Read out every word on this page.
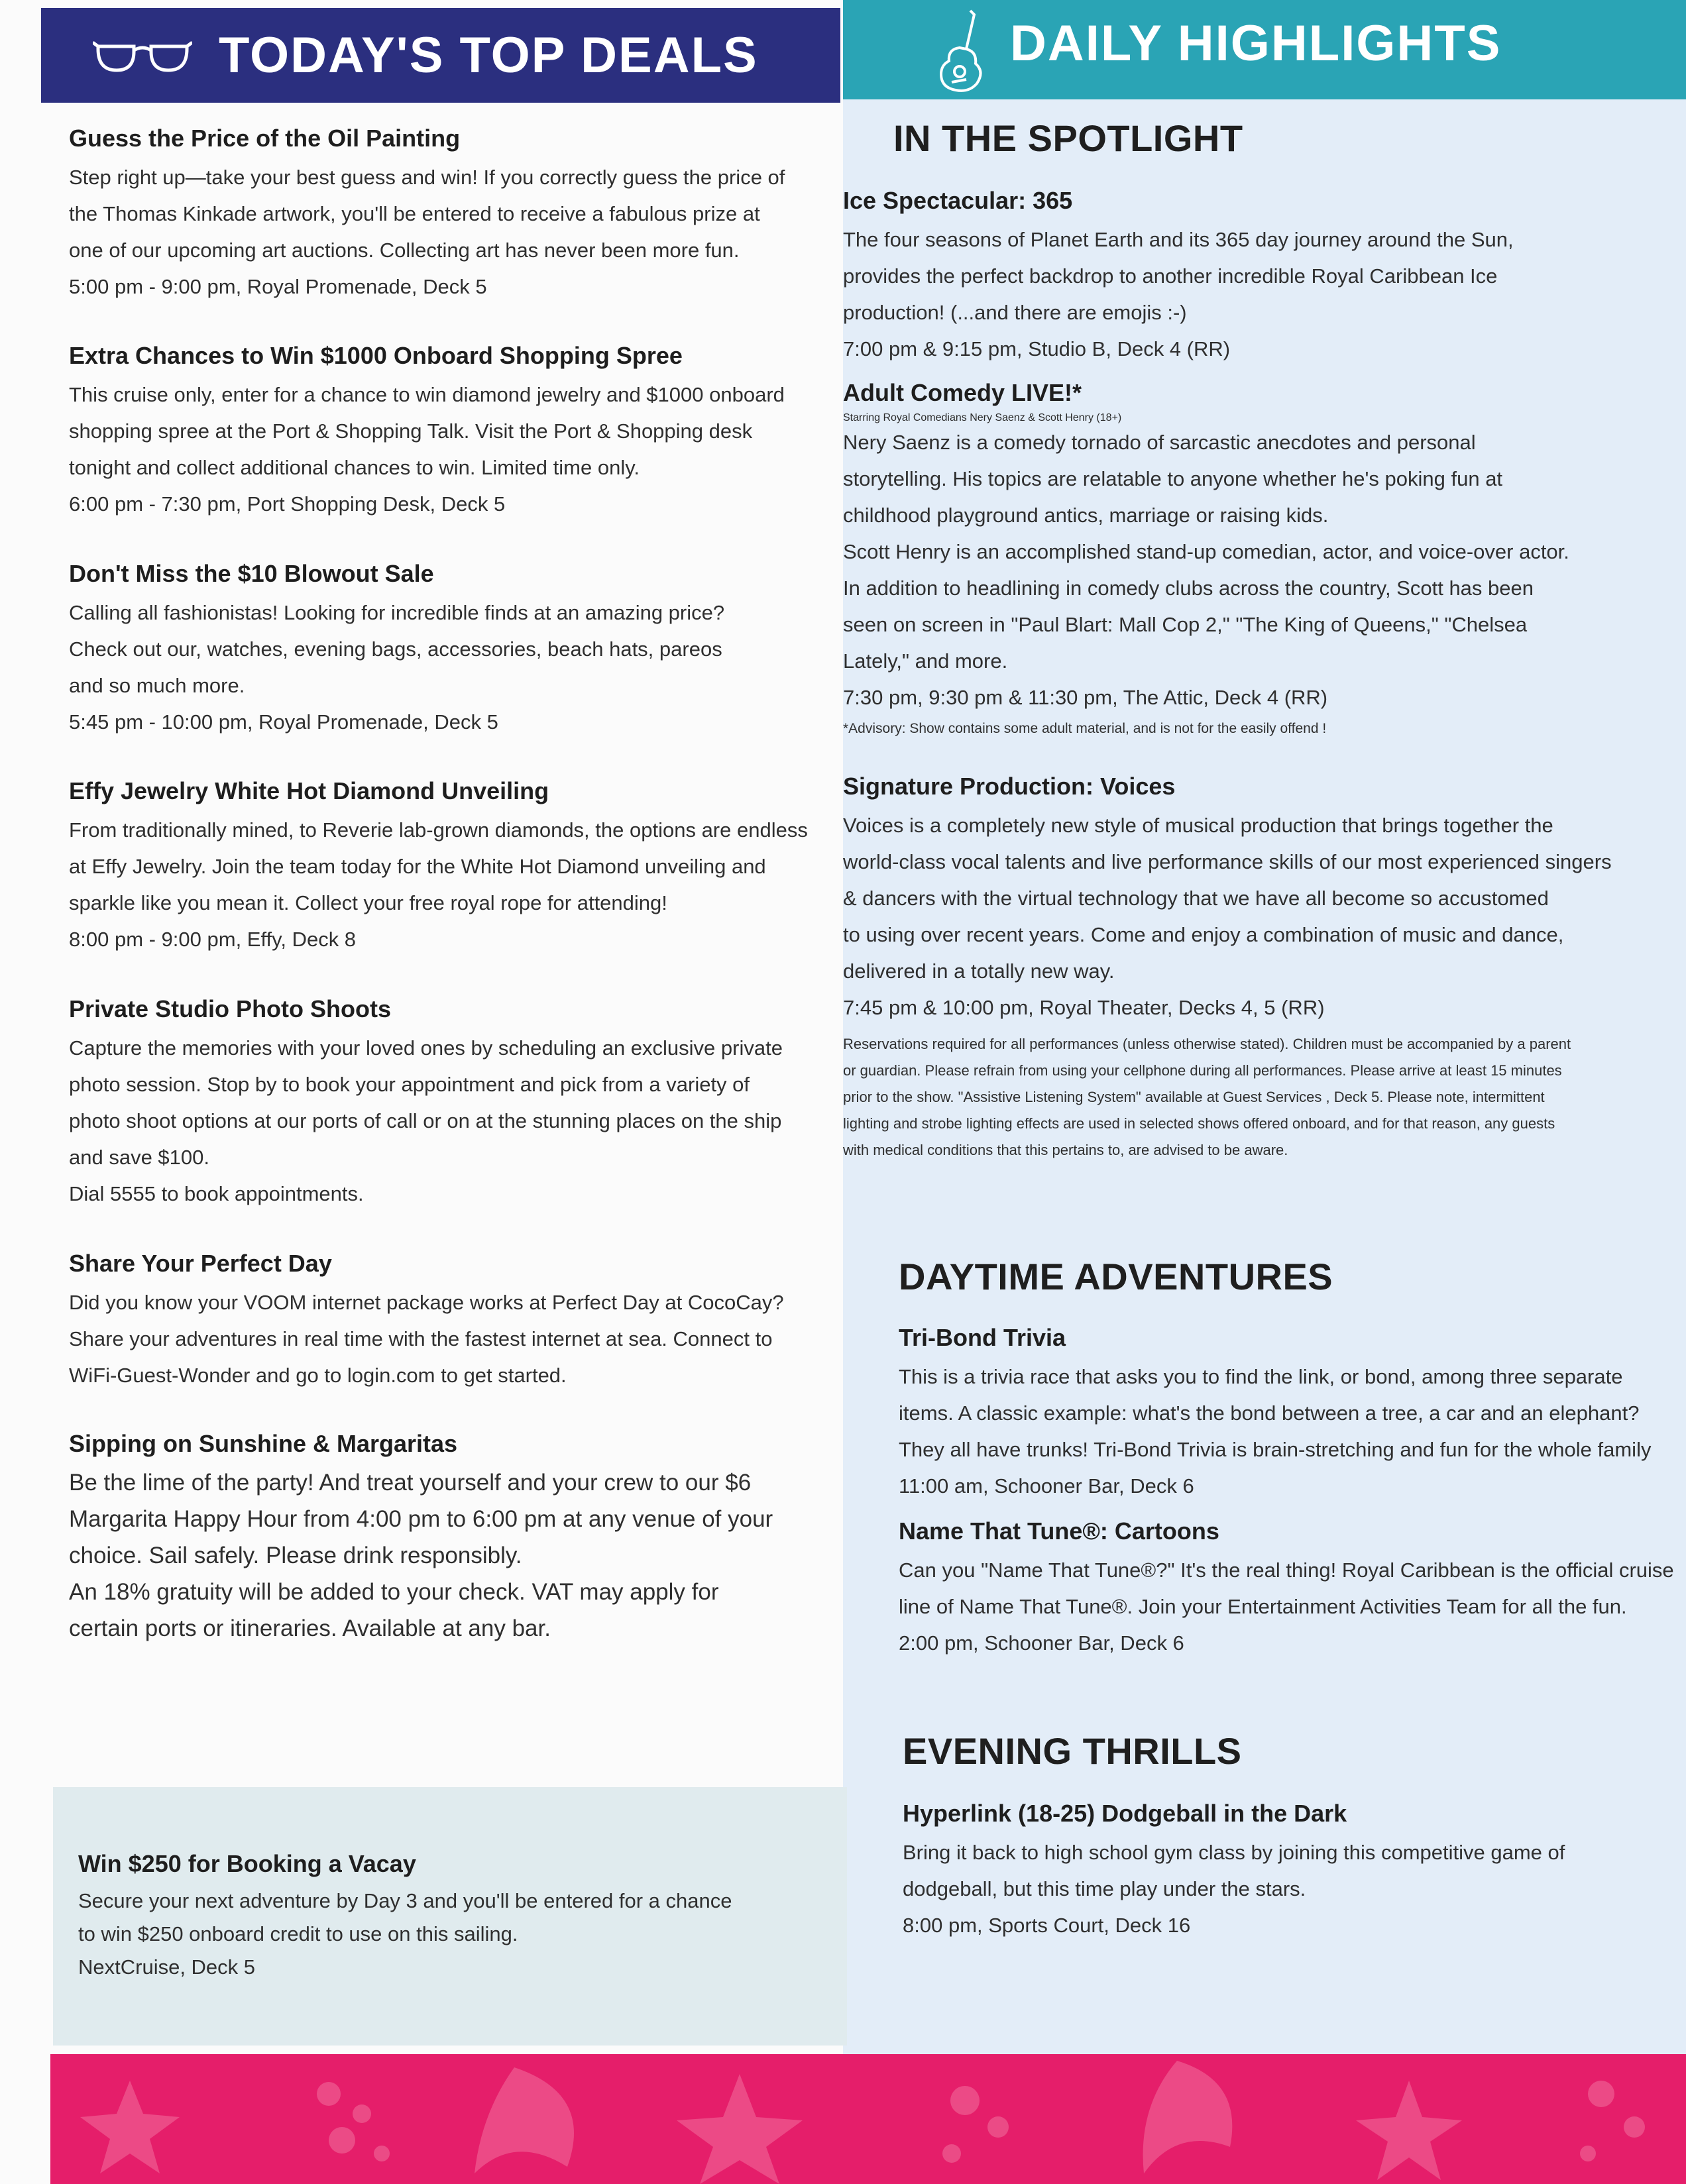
TODAY'S TOP DEALS	DAILY HIGHLIGHTS
Guess the Price of the Oil Painting

Step right up—take your best guess and win! If you correctly guess the price of
the Thomas Kinkade artwork, you'll be entered to receive a fabulous prize at
one of our upcoming art auctions. Collecting art has never been more fun.
5:00 pm - 9:00 pm, Royal Promenade, Deck 5

Extra Chances to Win $1000 Onboard Shopping Spree

This cruise only, enter for a chance to win diamond jewelry and $1000 onboard
shopping spree at the Port & Shopping Talk. Visit the Port & Shopping desk
tonight and collect additional chances to win. Limited time only.
6:00 pm - 7:30 pm, Port Shopping Desk, Deck 5

Don't Miss the $10 Blowout Sale

Calling all fashionistas! Looking for incredible finds at an amazing price?
Check out our, watches, evening bags, accessories, beach hats, pareos
and so much more.
5:45 pm - 10:00 pm, Royal Promenade, Deck 5

Effy Jewelry White Hot Diamond Unveiling

From traditionally mined, to Reverie lab-grown diamonds, the options are endless
at Effy Jewelry. Join the team today for the White Hot Diamond unveiling and
sparkle like you mean it. Collect your free royal rope for attending!
8:00 pm - 9:00 pm, Effy, Deck 8

Private Studio Photo Shoots

Capture the memories with your loved ones by scheduling an exclusive private
photo session. Stop by to book your appointment and pick from a variety of
photo shoot options at our ports of call or on at the stunning places on the ship
and save $100.
Dial 5555 to book appointments.

Share Your Perfect Day

Did you know your VOOM internet package works at Perfect Day at CocoCay?
Share your adventures in real time with the fastest internet at sea. Connect to
WiFi-Guest-Wonder and go to login.com to get started.

Sipping on Sunshine & Margaritas

Be the lime of the party! And treat yourself and your crew to our $6
Margarita Happy Hour from 4:00 pm to 6:00 pm at any venue of your
choice. Sail safely. Please drink responsibly.
An 18% gratuity will be added to your check. VAT may apply for
certain ports or itineraries. Available at any bar.

Win $250 for Booking a Vacay

Secure your next adventure by Day 3 and you'll be entered for a chance
to win $250 onboard credit to use on this sailing.
NextCruise, Deck 5

IN THE SPOTLIGHT
Ice Spectacular: 365

The four seasons of Planet Earth and its 365 day journey around the Sun,
provides the perfect backdrop to another incredible Royal Caribbean Ice
production! (...and there are emojis :-)
7:00 pm & 9:15 pm, Studio B, Deck 4 (RR)

Adult Comedy LIVE!*
Starring Royal Comedians Nery Saenz & Scott Henry (18+)

Nery Saenz is a comedy tornado of sarcastic anecdotes and personal
storytelling. His topics are relatable to anyone whether he's poking fun at
childhood playground antics, marriage or raising kids.
Scott Henry is an accomplished stand-up comedian, actor, and voice-over actor.
In addition to headlining in comedy clubs across the country, Scott has been
seen on screen in "Paul Blart: Mall Cop 2," "The King of Queens," "Chelsea
Lately," and more.
7:30 pm, 9:30 pm & 11:30 pm, The Attic, Deck 4 (RR)

*Advisory: Show contains some adult material, and is not for the easily offend !

Signature Production: Voices

Voices is a completely new style of musical production that brings together the
world-class vocal talents and live performance skills of our most experienced singers
& dancers with the virtual technology that we have all become so accustomed
to using over recent years. Come and enjoy a combination of music and dance,
delivered in a totally new way.
7:45 pm & 10:00 pm, Royal Theater, Decks 4, 5 (RR)

Reservations required for all performances (unless otherwise stated). Children must be accompanied by a parent
or guardian. Please refrain from using your cellphone during all performances. Please arrive at least 15 minutes
prior to the show. "Assistive Listening System" available at Guest Services , Deck 5. Please note, intermittent
lighting and strobe lighting effects are used in selected shows offered onboard, and for that reason, any guests
with medical conditions that this pertains to, are advised to be aware.

DAYTIME ADVENTURES
Tri-Bond Trivia

This is a trivia race that asks you to find the link, or bond, among three separate
items. A classic example: what's the bond between a tree, a car and an elephant?
They all have trunks! Tri-Bond Trivia is brain-stretching and fun for the whole family
11:00 am, Schooner Bar, Deck 6

Name That Tune®: Cartoons

Can you "Name That Tune®?" It's the real thing! Royal Caribbean is the official cruise
line of Name That Tune®. Join your Entertainment Activities Team for all the fun.
2:00 pm, Schooner Bar, Deck 6

EVENING THRILLS
Hyperlink (18-25) Dodgeball in the Dark

Bring it back to high school gym class by joining this competitive game of
dodgeball, but this time play under the stars.
8:00 pm, Sports Court, Deck 16
